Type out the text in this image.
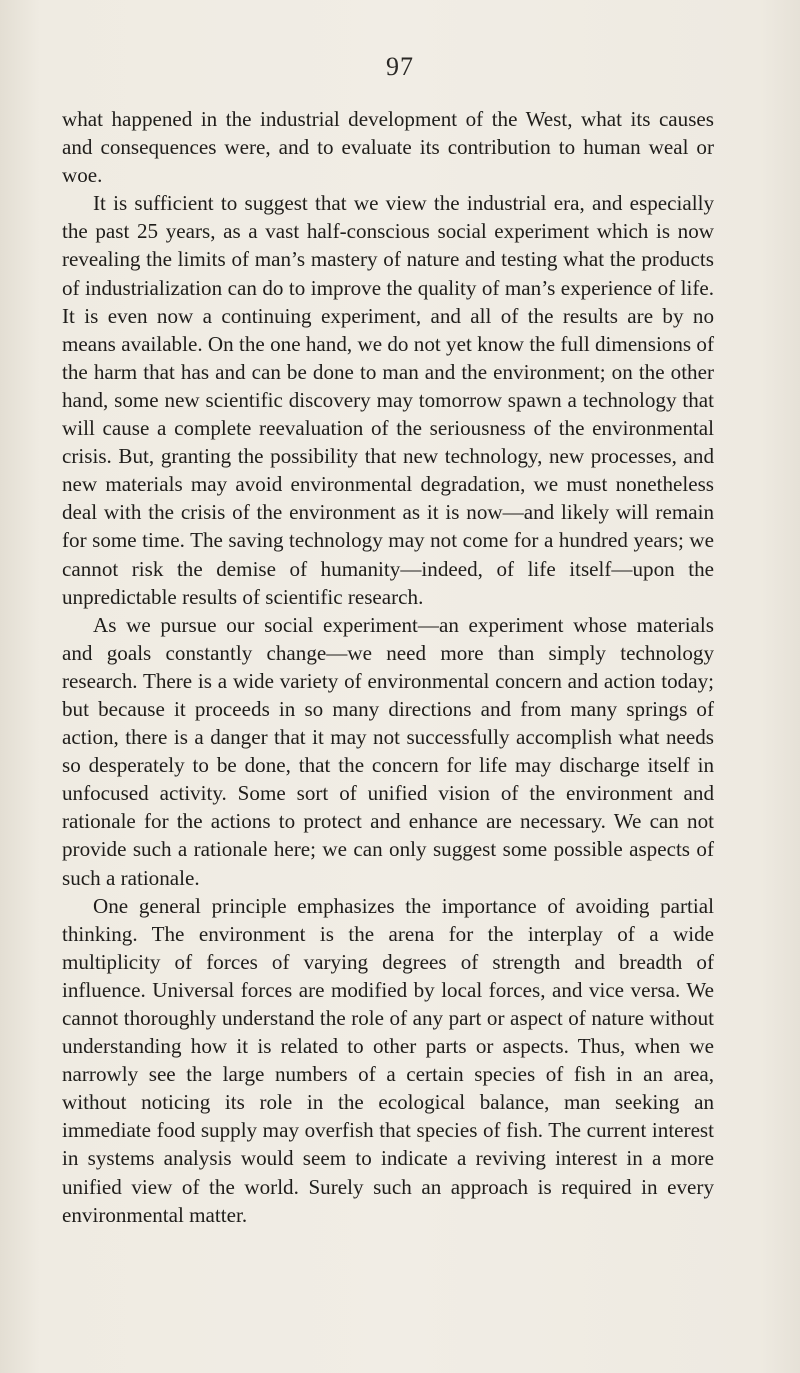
97

what happened in the industrial development of the West, what its causes and consequences were, and to evaluate its contribution to human weal or woe.

It is sufficient to suggest that we view the industrial era, and especially the past 25 years, as a vast half-conscious social experiment which is now revealing the limits of man’s mastery of nature and testing what the products of industrialization can do to improve the quality of man’s experience of life. It is even now a continuing experiment, and all of the results are by no means available. On the one hand, we do not yet know the full dimensions of the harm that has and can be done to man and the environment; on the other hand, some new scientific discovery may tomorrow spawn a technology that will cause a complete reevaluation of the seriousness of the environmental crisis. But, granting the possibility that new technology, new processes, and new materials may avoid environmental degradation, we must nonetheless deal with the crisis of the environment as it is now—and likely will remain for some time. The saving technology may not come for a hundred years; we cannot risk the demise of humanity—indeed, of life itself—upon the unpredictable results of scientific research.

As we pursue our social experiment—an experiment whose materials and goals constantly change—we need more than simply technology research. There is a wide variety of environmental concern and action today; but because it proceeds in so many directions and from many springs of action, there is a danger that it may not successfully accomplish what needs so desperately to be done, that the concern for life may discharge itself in unfocused activity. Some sort of unified vision of the environment and rationale for the actions to protect and enhance are necessary. We can not provide such a rationale here; we can only suggest some possible aspects of such a rationale.

One general principle emphasizes the importance of avoiding partial thinking. The environment is the arena for the interplay of a wide multiplicity of forces of varying degrees of strength and breadth of influence. Universal forces are modified by local forces, and vice versa. We cannot thoroughly understand the role of any part or aspect of nature without understanding how it is related to other parts or aspects. Thus, when we narrowly see the large numbers of a certain species of fish in an area, without noticing its role in the ecological balance, man seeking an immediate food supply may overfish that species of fish. The current interest in systems analysis would seem to indicate a reviving interest in a more unified view of the world. Surely such an approach is required in every environmental matter.
